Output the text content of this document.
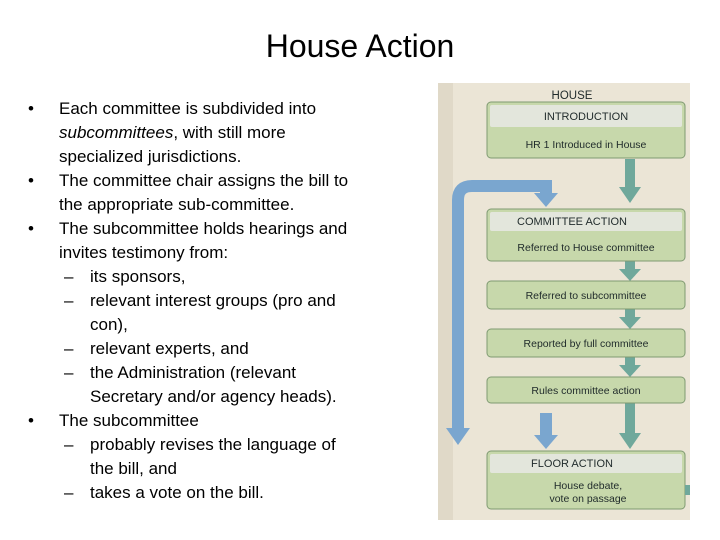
House Action
• Each committee is subdivided into
subcommittees, with still more
specialized jurisdictions.
• The committee chair assigns the bill to
the appropriate sub-committee.
• The subcommittee holds hearings and
invites testimony from:
– its sponsors,
– relevant interest groups (pro and
con),
– relevant experts, and
– the Administration (relevant
Secretary and/or agency heads).
• The subcommittee
– probably revises the language of
the bill, and
– takes a vote on the bill.
HOUSE
INTRODUCTION
HR 1 Introduced in House
COMMITTEE ACTION
Referred to House committee
Referred to subcommittee
Reported by full committee
Rules committee action
FLOOR ACTION
House debate,
vote on passage
